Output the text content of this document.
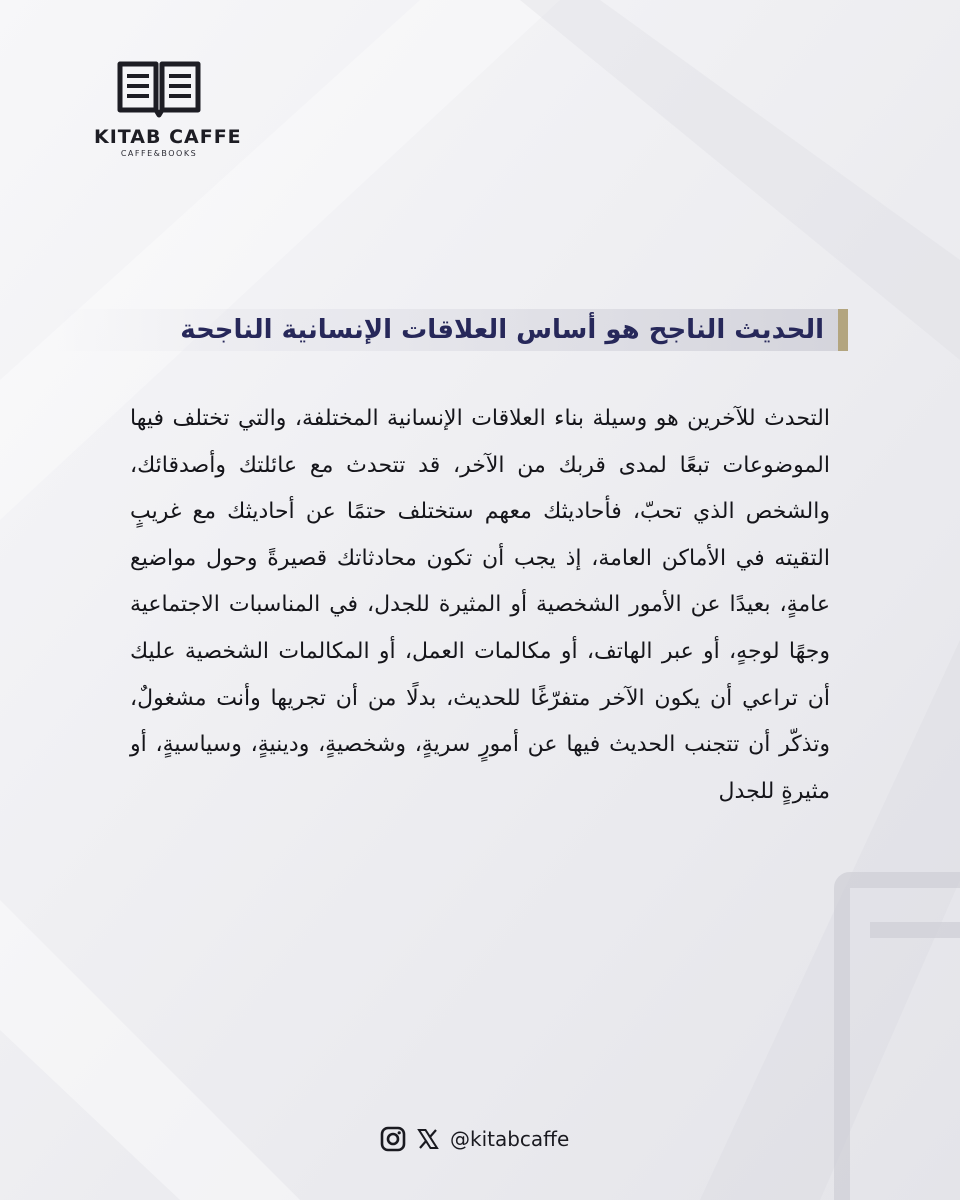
KITAB CAFFE
CAFFE&BOOKS
الحديث الناجح هو أساس العلاقات الإنسانية الناجحة
التحدث للآخرين هو وسيلة بناء العلاقات الإنسانية المختلفة، والتي تختلف فيها الموضوعات تبعًا لمدى قربك من الآخر، قد تتحدث مع عائلتك وأصدقائك، والشخص الذي تحبّ، فأحاديثك معهم ستختلف حتمًا عن أحاديثك مع غريبٍ التقيته في الأماكن العامة، إذ يجب أن تكون محادثاتك قصيرةً وحول مواضيع عامةٍ، بعيدًا عن الأمور الشخصية أو المثيرة للجدل، في المناسبات الاجتماعية وجهًا لوجهٍ، أو عبر الهاتف، أو مكالمات العمل، أو المكالمات الشخصية عليك أن تراعي أن يكون الآخر متفرّغًا للحديث، بدلًا من أن تجريها وأنت مشغولٌ، وتذكّر أن تتجنب الحديث فيها عن أمورٍ سريةٍ، وشخصيةٍ، ودينيةٍ، وسياسيةٍ، أو مثيرةٍ للجدل
@kitabcaffe
